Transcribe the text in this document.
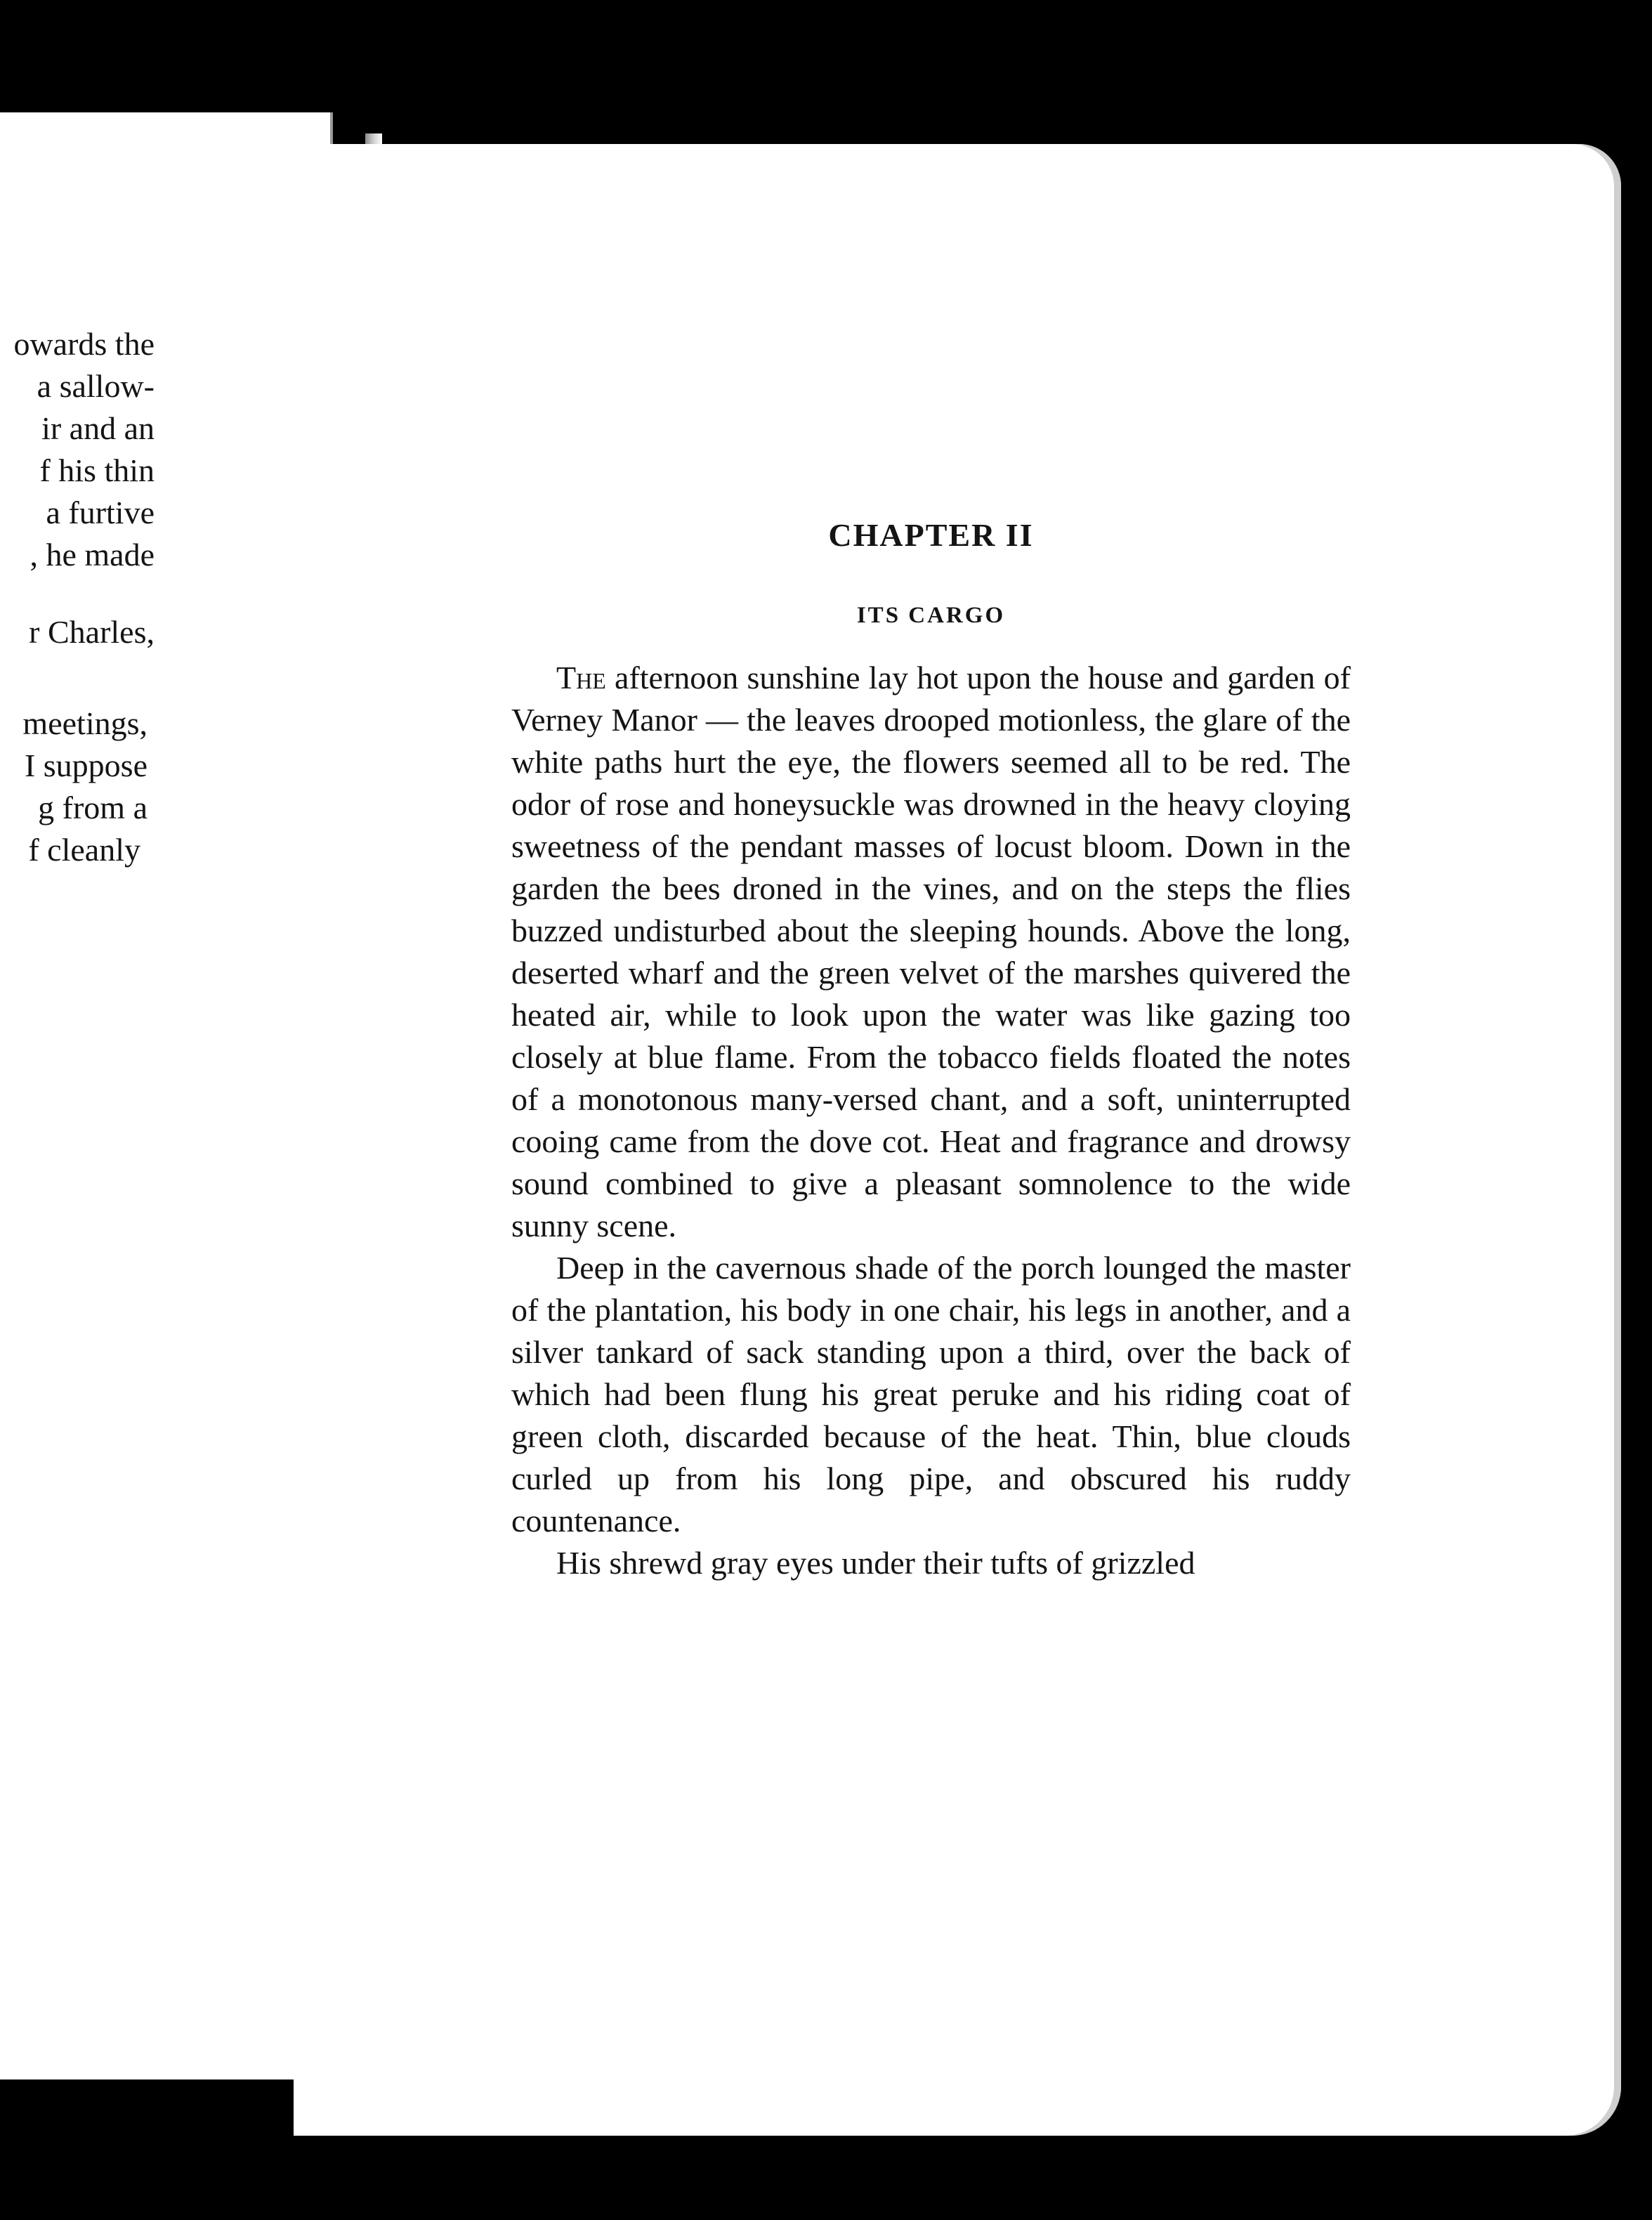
owards the
a sallow-
ir and an
f his thin
a furtive
, he made
r Charles,
meetings,
I suppose
g from a
f cleanly
CHAPTER II
ITS CARGO

The afternoon sunshine lay hot upon the house and garden of Verney Manor — the leaves drooped motionless, the glare of the white paths hurt the eye, the flowers seemed all to be red. The odor of rose and honeysuckle was drowned in the heavy cloying sweetness of the pendant masses of locust bloom. Down in the garden the bees droned in the vines, and on the steps the flies buzzed undisturbed about the sleeping hounds. Above the long, deserted wharf and the green velvet of the marshes quivered the heated air, while to look upon the water was like gazing too closely at blue flame. From the tobacco fields floated the notes of a monotonous many-versed chant, and a soft, uninterrupted cooing came from the dove cot. Heat and fragrance and drowsy sound combined to give a pleasant somnolence to the wide sunny scene.

Deep in the cavernous shade of the porch lounged the master of the plantation, his body in one chair, his legs in another, and a silver tankard of sack standing upon a third, over the back of which had been flung his great peruke and his riding coat of green cloth, discarded because of the heat. Thin, blue clouds curled up from his long pipe, and obscured his ruddy countenance.

His shrewd gray eyes under their tufts of grizzled
